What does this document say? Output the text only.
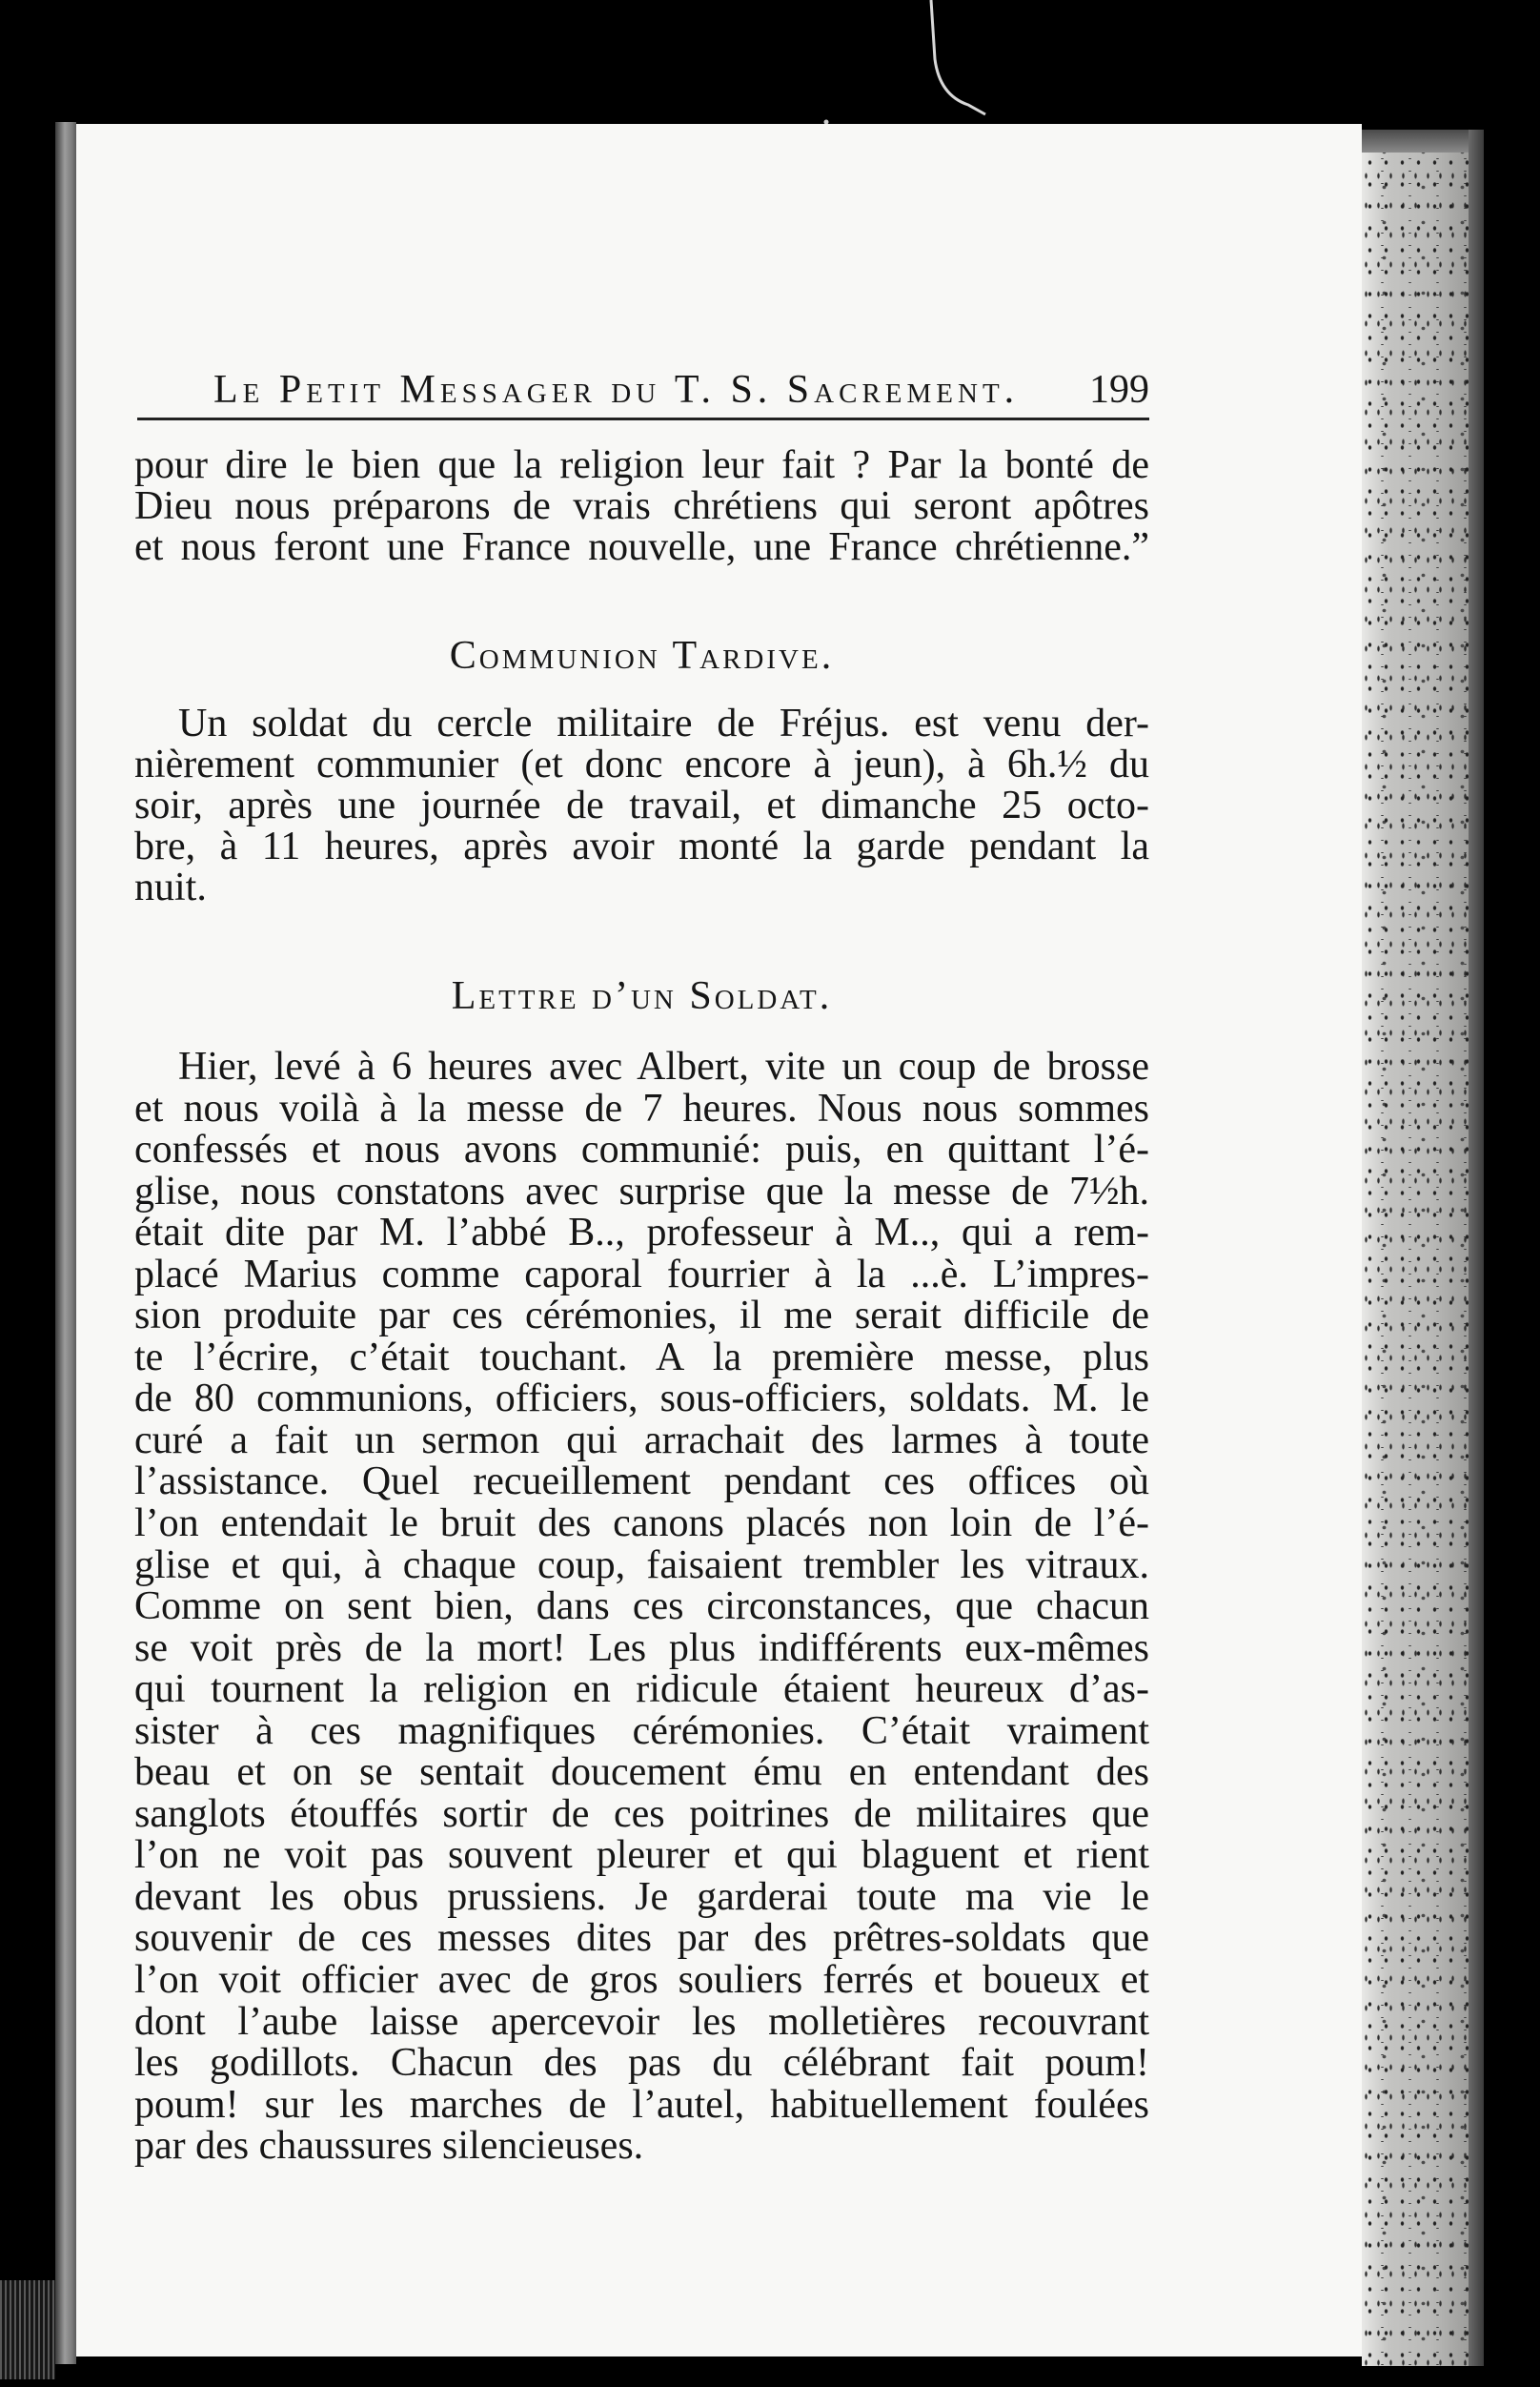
Le Petit Messager du T. S. Sacrement. 199
pour dire le bien que la religion leur fait ? Par la bonté de
Dieu nous préparons de vrais chrétiens qui seront apôtres
et nous feront une France nouvelle, une France chrétienne.”
Communion Tardive.
Un soldat du cercle militaire de Fréjus. est venu der-
nièrement communier (et donc encore à jeun), à 6h.½ du
soir, après une journée de travail, et dimanche 25 octo-
bre, à 11 heures, après avoir monté la garde pendant la
nuit.
Lettre d’un Soldat.
Hier, levé à 6 heures avec Albert, vite un coup de brosse
et nous voilà à la messe de 7 heures. Nous nous sommes
confessés et nous avons communié: puis, en quittant l’é-
glise, nous constatons avec surprise que la messe de 7½h.
était dite par M. l’abbé B.., professeur à M.., qui a rem-
placé Marius comme caporal fourrier à la ...è. L’impres-
sion produite par ces cérémonies, il me serait difficile de
te l’écrire, c’était touchant. A la première messe, plus
de 80 communions, officiers, sous-officiers, soldats. M. le
curé a fait un sermon qui arrachait des larmes à toute
l’assistance. Quel recueillement pendant ces offices où
l’on entendait le bruit des canons placés non loin de l’é-
glise et qui, à chaque coup, faisaient trembler les vitraux.
Comme on sent bien, dans ces circonstances, que chacun
se voit près de la mort! Les plus indifférents eux-mêmes
qui tournent la religion en ridicule étaient heureux d’as-
sister à ces magnifiques cérémonies. C’était vraiment
beau et on se sentait doucement ému en entendant des
sanglots étouffés sortir de ces poitrines de militaires que
l’on ne voit pas souvent pleurer et qui blaguent et rient
devant les obus prussiens. Je garderai toute ma vie le
souvenir de ces messes dites par des prêtres-soldats que
l’on voit officier avec de gros souliers ferrés et boueux et
dont l’aube laisse apercevoir les molletières recouvrant
les godillots. Chacun des pas du célébrant fait poum!
poum! sur les marches de l’autel, habituellement foulées
par des chaussures silencieuses.
